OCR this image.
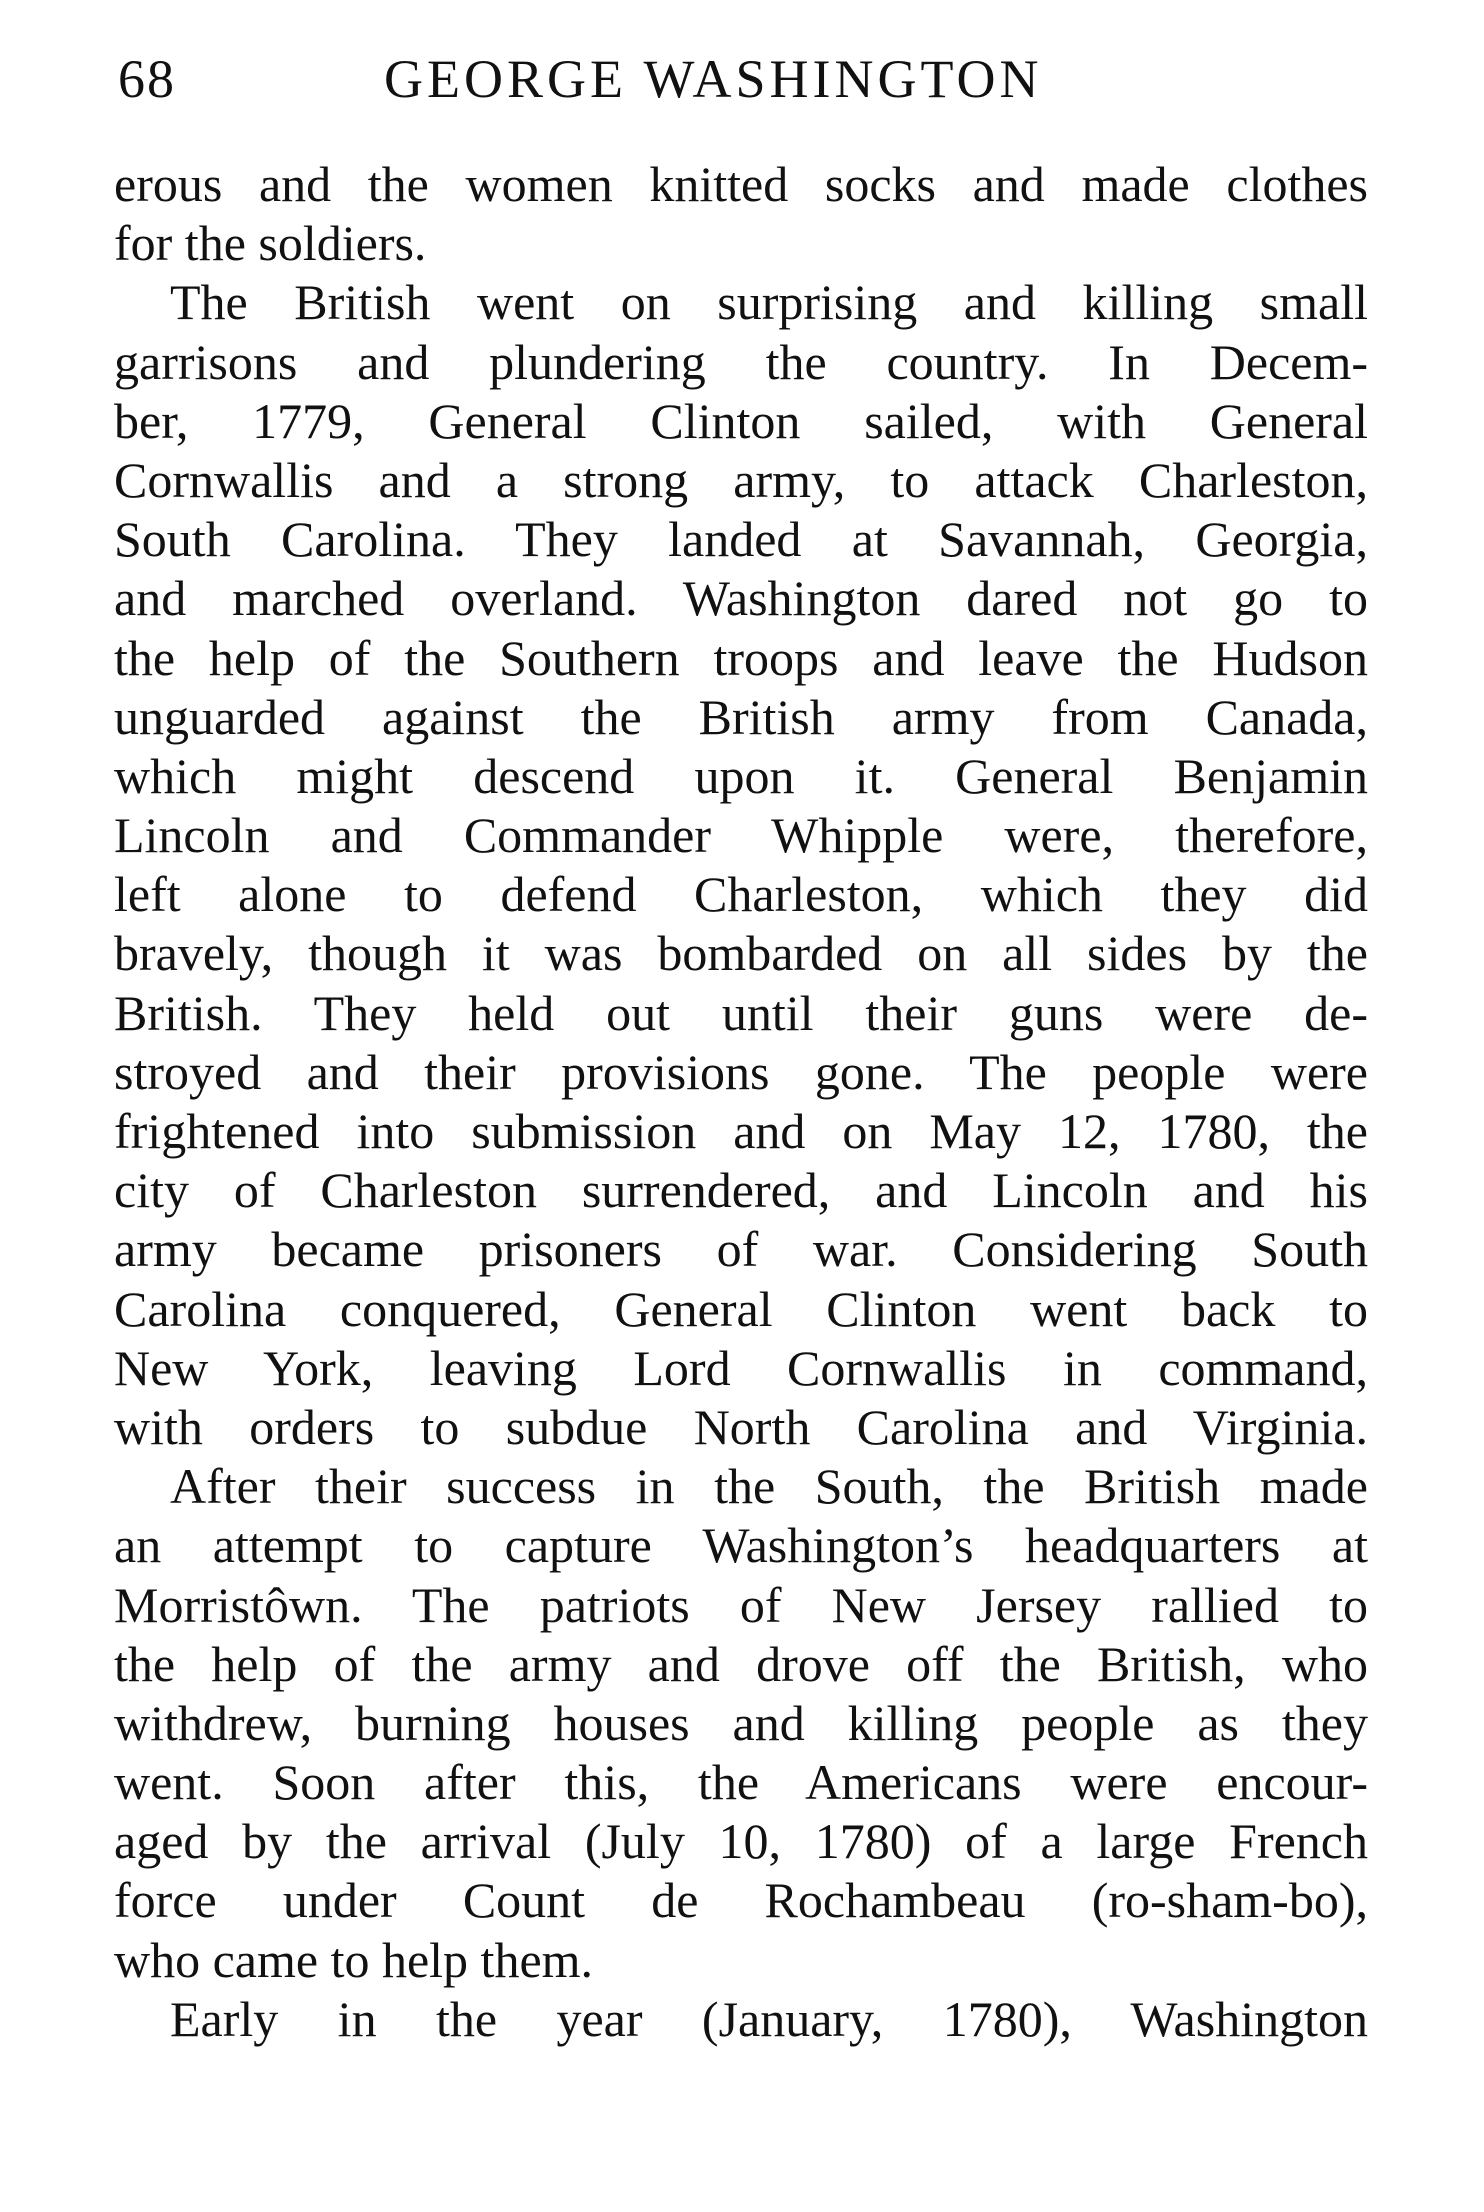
68	GEORGE WASHINGTON
erous and the women knitted socks and made clothes
for the soldiers.
The British went on surprising and killing small
garrisons and plundering the country. In Decem-
ber, 1779, General Clinton sailed, with General
Cornwallis and a strong army, to attack Charleston,
South Carolina. They landed at Savannah, Georgia,
and marched overland. Washington dared not go to
the help of the Southern troops and leave the Hudson
unguarded against the British army from Canada,
which might descend upon it. General Benjamin
Lincoln and Commander Whipple were, therefore,
left alone to defend Charleston, which they did
bravely, though it was bombarded on all sides by the
British. They held out until their guns were de-
stroyed and their provisions gone. The people were
frightened into submission and on May 12, 1780, the
city of Charleston surrendered, and Lincoln and his
army became prisoners of war. Considering South
Carolina conquered, General Clinton went back to
New York, leaving Lord Cornwallis in command,
with orders to subdue North Carolina and Virginia.
After their success in the South, the British made
an attempt to capture Washington’s headquarters at
Morristôwn. The patriots of New Jersey rallied to
the help of the army and drove off the British, who
withdrew, burning houses and killing people as they
went. Soon after this, the Americans were encour-
aged by the arrival (July 10, 1780) of a large French
force under Count de Rochambeau (ro-sham-bo),
who came to help them.
Early in the year (January, 1780), Washington
